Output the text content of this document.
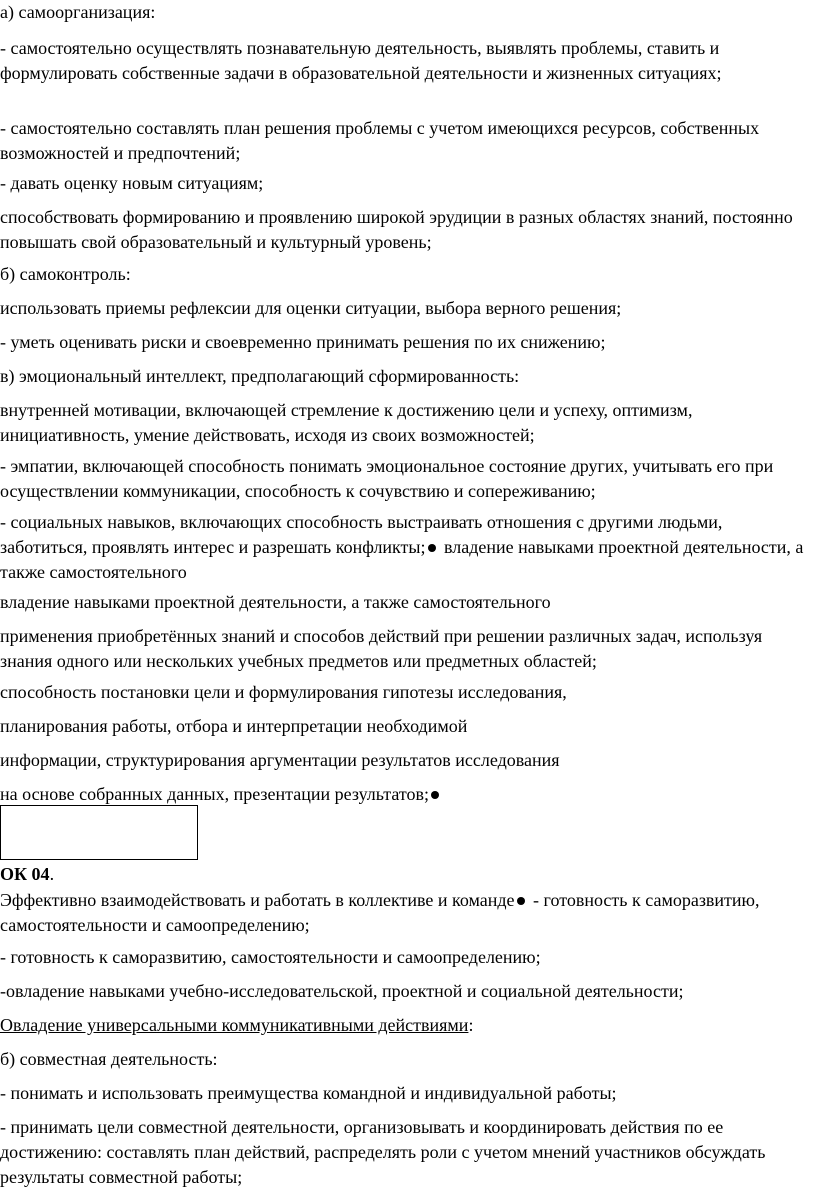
а) самоорганизация:
- самостоятельно осуществлять познавательную деятельность, выявлять проблемы, ставить и формулировать собственные задачи в образовательной деятельности и жизненных ситуациях;
- самостоятельно составлять план решения проблемы с учетом имеющихся ресурсов, собственных возможностей и предпочтений;
- давать оценку новым ситуациям;
способствовать формированию и проявлению широкой эрудиции в разных областях знаний, постоянно повышать свой образовательный и культурный уровень;
б) самоконтроль:
использовать приемы рефлексии для оценки ситуации, выбора верного решения;
- уметь оценивать риски и своевременно принимать решения по их снижению;
в) эмоциональный интеллект, предполагающий сформированность:
внутренней мотивации, включающей стремление к достижению цели и успеху, оптимизм, инициативность, умение действовать, исходя из своих возможностей;
- эмпатии, включающей способность понимать эмоциональное состояние других, учитывать его при осуществлении коммуникации, способность к сочувствию и сопереживанию;
- социальных навыков, включающих способность выстраивать отношения с другими людьми, заботиться, проявлять интерес и разрешать конфликты; владение навыками проектной деятельности, а также самостоятельного
владение навыками проектной деятельности, а также самостоятельного
применения приобретённых знаний и способов действий при решении различных задач, используя знания одного или нескольких учебных предметов или предметных областей;
способность постановки цели и формулирования гипотезы исследования,
планирования работы, отбора и интерпретации необходимой
информации, структурирования аргументации результатов исследования
на основе собранных данных, презентации результатов;
ОК 04.
Эффективно взаимодействовать и работать в коллективе и команде - готовность к саморазвитию, самостоятельности и самоопределению;
- готовность к саморазвитию, самостоятельности и самоопределению;
-овладение навыками учебно-исследовательской, проектной и социальной деятельности;
Овладение универсальными коммуникативными действиями:
б) совместная деятельность:
- понимать и использовать преимущества командной и индивидуальной работы;
- принимать цели совместной деятельности, организовывать и координировать действия по ее достижению: составлять план действий, распределять роли с учетом мнений участников обсуждать результаты совместной работы;
